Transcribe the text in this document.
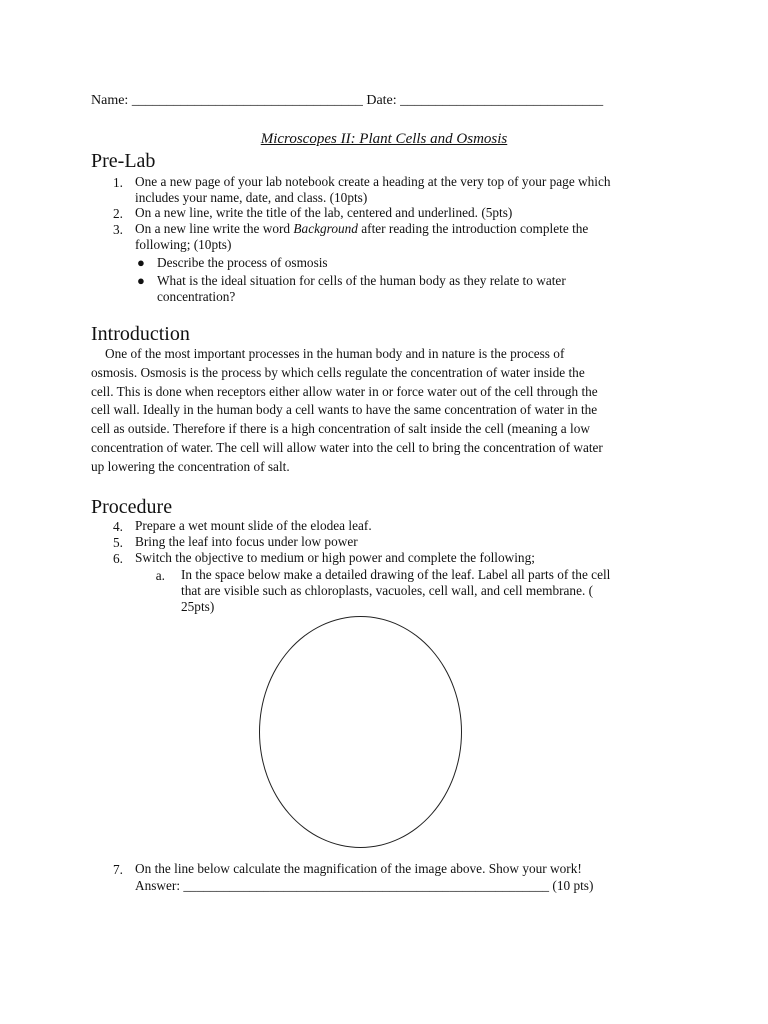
Name: _________________________________ Date: _____________________________
Microscopes II: Plant Cells and Osmosis
Pre-Lab
1. One a new page of your lab notebook create a heading at the very top of your page which
includes your name, date, and class. (10pts)
2. On a new line, write the title of the lab, centered and underlined. (5pts)
3. On a new line write the word Background after reading the introduction complete the
following; (10pts)
● Describe the process of osmosis
● What is the ideal situation for cells of the human body as they relate to water
concentration?
Introduction
One of the most important processes in the human body and in nature is the process of
osmosis. Osmosis is the process by which cells regulate the concentration of water inside the
cell. This is done when receptors either allow water in or force water out of the cell through the
cell wall. Ideally in the human body a cell wants to have the same concentration of water in the
cell as outside. Therefore if there is a high concentration of salt inside the cell (meaning a low
concentration of water. The cell will allow water into the cell to bring the concentration of water
up lowering the concentration of salt.
Procedure
4. Prepare a wet mount slide of the elodea leaf.
5. Bring the leaf into focus under low power
6. Switch the objective to medium or high power and complete the following;
a. In the space below make a detailed drawing of the leaf. Label all parts of the cell
that are visible such as chloroplasts, vacuoles, cell wall, and cell membrane. (
25pts)
7. On the line below calculate the magnification of the image above. Show your work!
Answer: _______________________________________________________ (10 pts)
